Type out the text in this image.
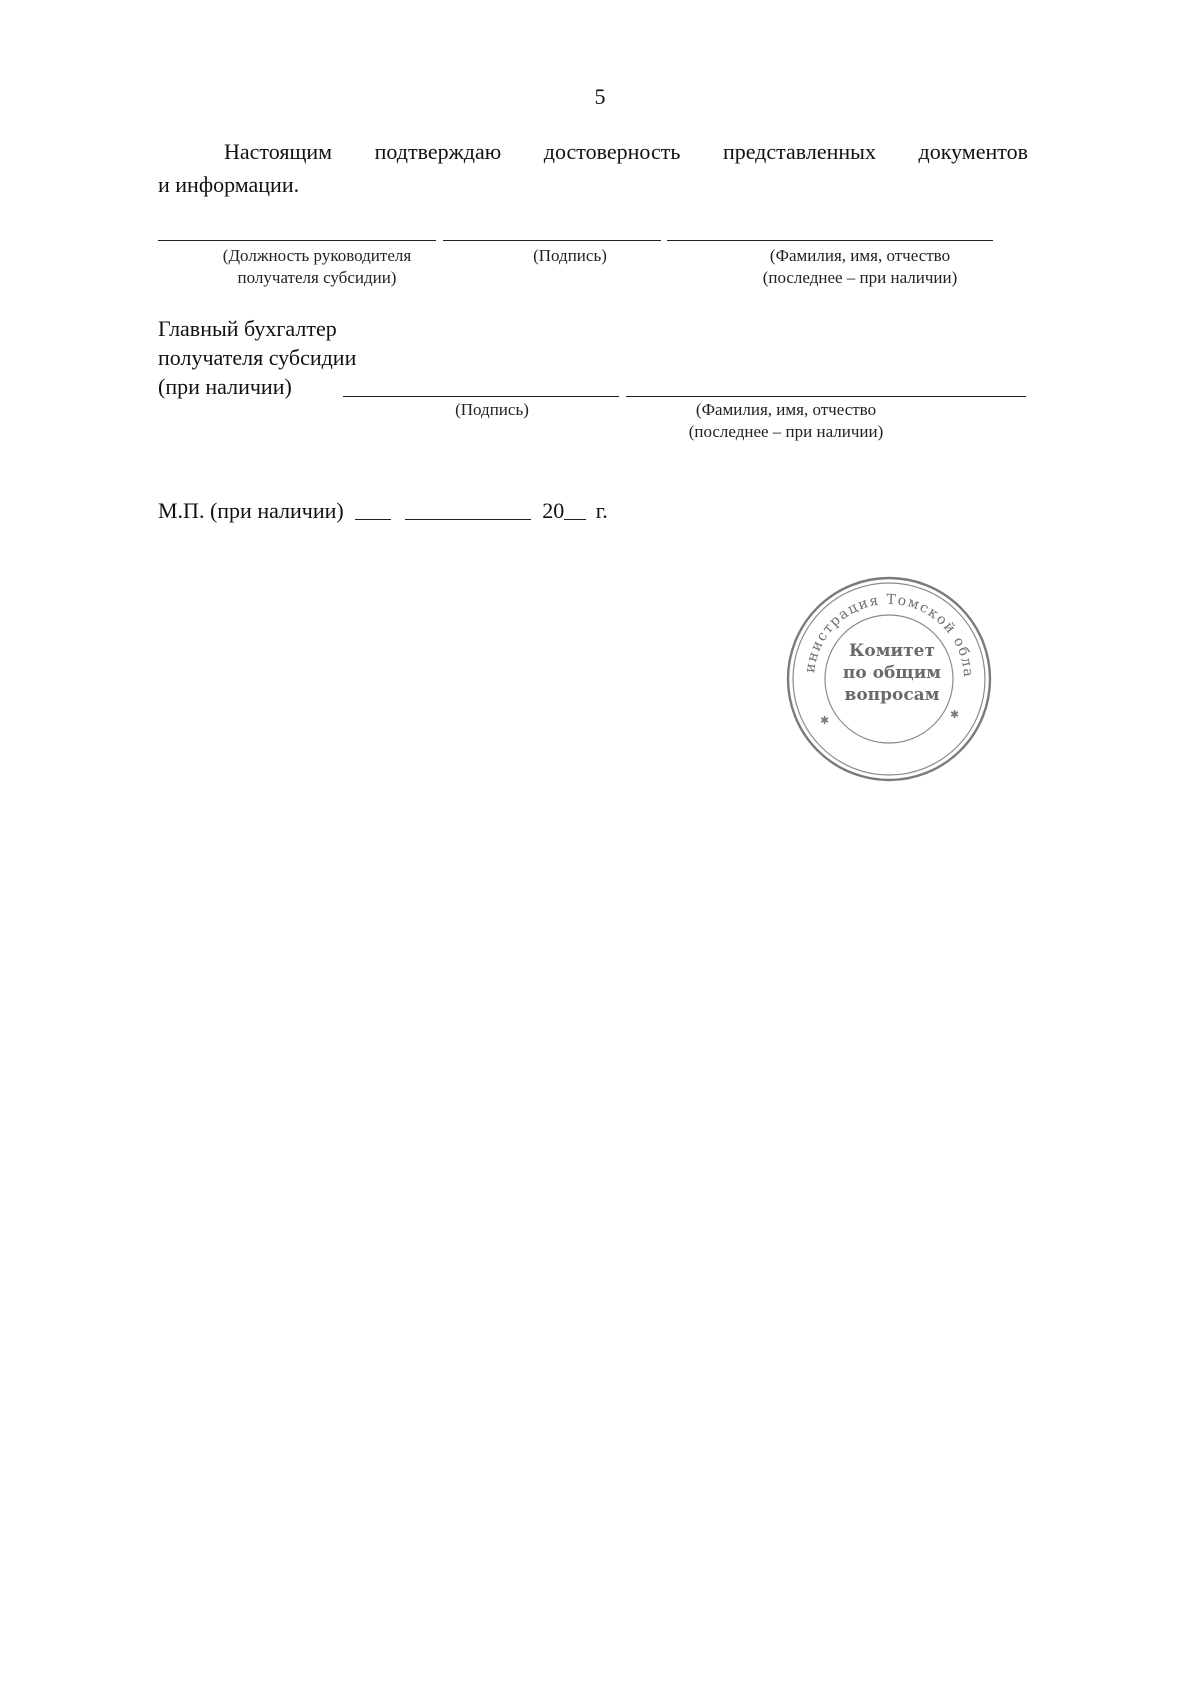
5
Настоящим подтверждаю достоверность представленных документов
и информации.
(Должность руководителя
получателя субсидии)
(Подпись)	(Фамилия, имя, отчество
(последнее – при наличии)
Главный бухгалтер
получателя субсидии
(при наличии)
(Подпись)	(Фамилия, имя, отчество
(последнее – при наличии)
М.П. (при наличии)	20 г.
инистрация Томской обла
✱	✱
Комитет
по общим
вопросам
